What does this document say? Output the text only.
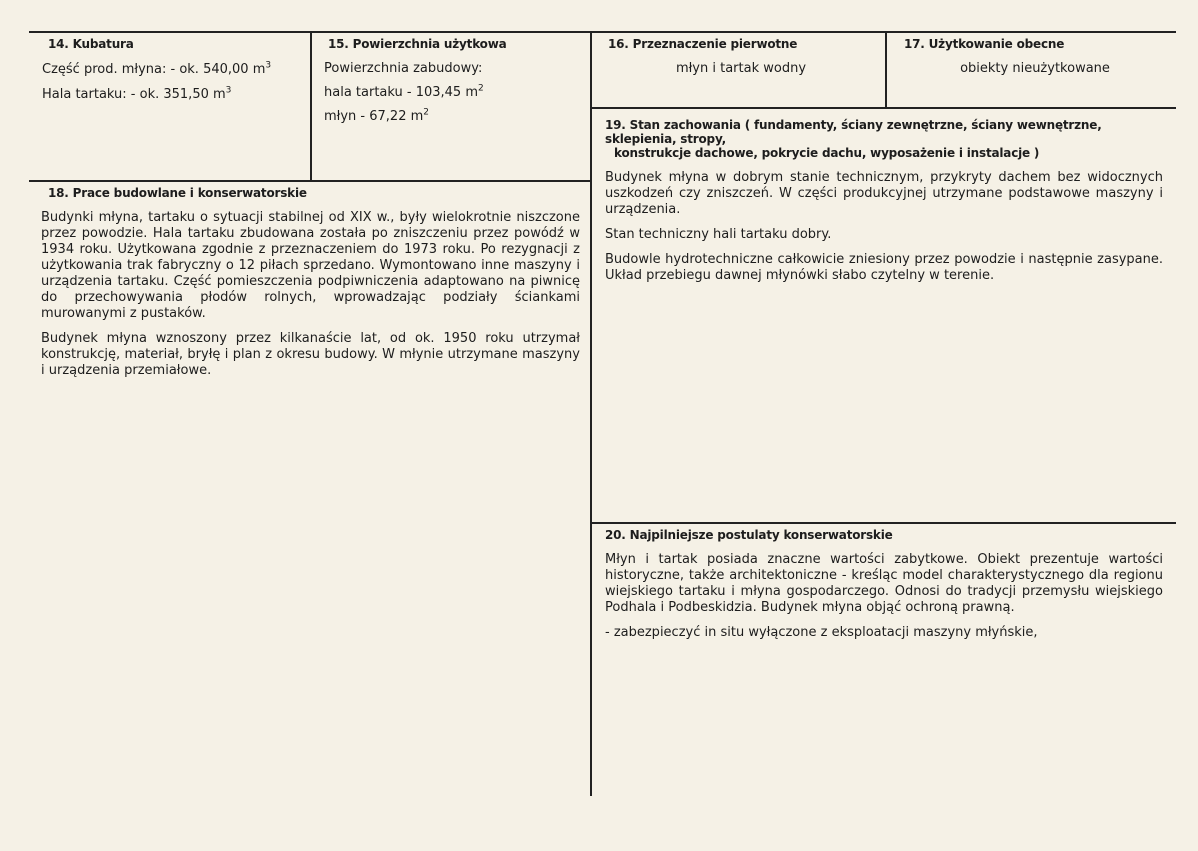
14. Kubatura
Część prod. młyna: - ok. 540,00 $m^3$
Hala tartaku: - ok. 351,50 $m^3$
15. Powierzchnia użytkowa
Powierzchnia zabudowy:
hala tartaku - 103,45 $m^2$
młyn - 67,22 $m^2$
16. Przeznaczenie pierwotne
młyn i tartak wodny
17. Użytkowanie obecne
obiekty nieużytkowane
18. Prace budowlane i konserwatorskie

Budynki młyna, tartaku o sytuacji stabilnej od XIX w., były wielokrotnie niszczone przez powodzie. Hala tartaku zbudowana została po zniszczeniu przez powódź w 1934 roku. Użytkowana zgodnie z przeznaczeniem do 1973 roku. Po rezygnacji z użytkowania trak fabryczny o 12 piłach sprzedano. Wymontowano inne maszyny i urządzenia tartaku. Część pomieszczenia podpiwniczenia adaptowano na piwnicę do przechowywania płodów rolnych, wprowadzając podziały ściankami murowanymi z pustaków.

Budynek młyna wznoszony przez kilkanaście lat, od ok. 1950 roku utrzymał konstrukcję, materiał, bryłę i plan z okresu budowy. W młynie utrzymane maszyny i urządzenia przemiałowe.

19. Stan zachowania ( fundamenty, ściany zewnętrzne, ściany wewnętrzne, sklepienia, stropy,
konstrukcje dachowe, pokrycie dachu, wyposażenie i instalacje )

Budynek młyna w dobrym stanie technicznym, przykryty dachem bez widocznych uszkodzeń czy zniszczeń. W części produkcyjnej utrzymane podstawowe maszyny i urządzenia.

Stan techniczny hali tartaku dobry.

Budowle hydrotechniczne całkowicie zniesiony przez powodzie i następnie zasypane. Układ przebiegu dawnej młynówki słabo czytelny w terenie.

20. Najpilniejsze postulaty konserwatorskie

Młyn i tartak posiada znaczne wartości zabytkowe. Obiekt prezentuje wartości historyczne, także architektoniczne - kreśląc model charakterystycznego dla regionu wiejskiego tartaku i młyna gospodarczego. Odnosi do tradycji przemysłu wiejskiego Podhala i Podbeskidzia. Budynek młyna objąć ochroną prawną.

- zabezpieczyć in situ wyłączone z eksploatacji maszyny młyńskie,
